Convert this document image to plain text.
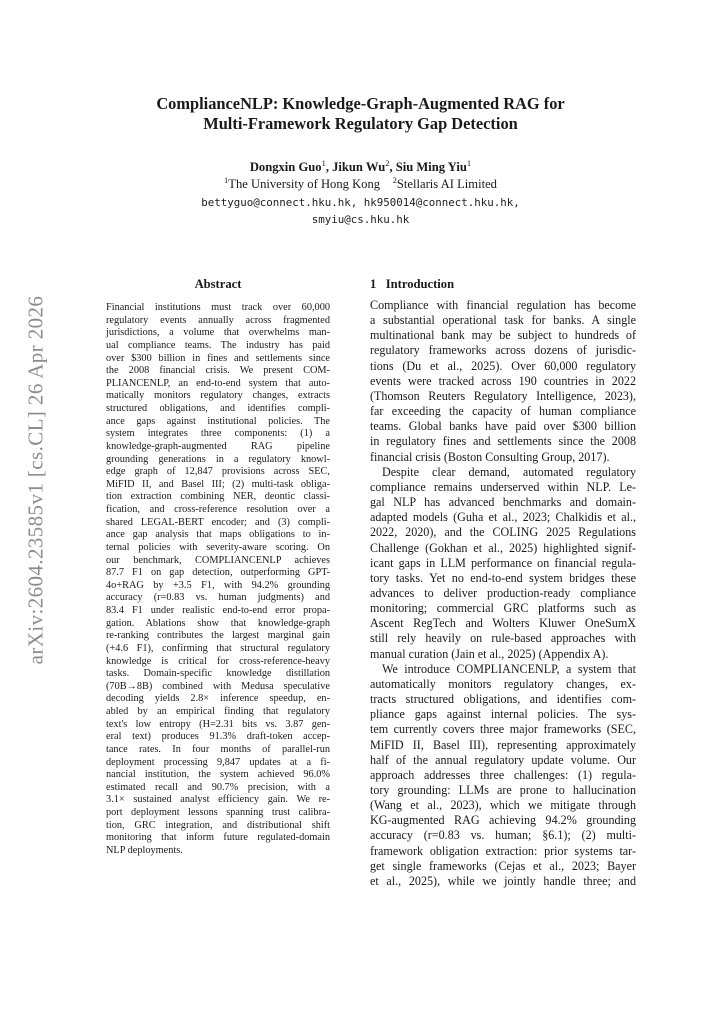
arXiv:2604.23585v1 [cs.CL] 26 Apr 2026
ComplianceNLP: Knowledge-Graph-Augmented RAG for
Multi-Framework Regulatory Gap Detection
Dongxin Guo$^1$, Jikun Wu$^2$, Siu Ming Yiu$^1$
$^1$The University of Hong Kong $^2$Stellaris AI Limited
bettyguo@connect.hku.hk, hk950014@connect.hku.hk,
smyiu@cs.hku.hk
Abstract
Financial institutions must track over 60,000
regulatory events annually across fragmented
jurisdictions, a volume that overwhelms man-
ual compliance teams. The industry has paid
over $300 billion in fines and settlements since
the 2008 financial crisis. We present COM-
PLIANCENLP, an end-to-end system that auto-
matically monitors regulatory changes, extracts
structured obligations, and identifies compli-
ance gaps against institutional policies. The
system integrates three components: (1) a
knowledge-graph-augmented RAG pipeline
grounding generations in a regulatory knowl-
edge graph of 12,847 provisions across SEC,
MiFID II, and Basel III; (2) multi-task obliga-
tion extraction combining NER, deontic classi-
fication, and cross-reference resolution over a
shared LEGAL-BERT encoder; and (3) compli-
ance gap analysis that maps obligations to in-
ternal policies with severity-aware scoring. On
our benchmark, COMPLIANCENLP achieves
87.7 F1 on gap detection, outperforming GPT-
4o+RAG by +3.5 F1, with 94.2% grounding
accuracy (r=0.83 vs. human judgments) and
83.4 F1 under realistic end-to-end error propa-
gation. Ablations show that knowledge-graph
re-ranking contributes the largest marginal gain
(+4.6 F1), confirming that structural regulatory
knowledge is critical for cross-reference-heavy
tasks. Domain-specific knowledge distillation
(70B→8B) combined with Medusa speculative
decoding yields 2.8× inference speedup, en-
abled by an empirical finding that regulatory
text's low entropy (H=2.31 bits vs. 3.87 gen-
eral text) produces 91.3% draft-token accep-
tance rates. In four months of parallel-run
deployment processing 9,847 updates at a fi-
nancial institution, the system achieved 96.0%
estimated recall and 90.7% precision, with a
3.1× sustained analyst efficiency gain. We re-
port deployment lessons spanning trust calibra-
tion, GRC integration, and distributional shift
monitoring that inform future regulated-domain
NLP deployments.
1 Introduction
Compliance with financial regulation has become
a substantial operational task for banks. A single
multinational bank may be subject to hundreds of
regulatory frameworks across dozens of jurisdic-
tions (Du et al., 2025). Over 60,000 regulatory
events were tracked across 190 countries in 2022
(Thomson Reuters Regulatory Intelligence, 2023),
far exceeding the capacity of human compliance
teams. Global banks have paid over $300 billion
in regulatory fines and settlements since the 2008
financial crisis (Boston Consulting Group, 2017).
Despite clear demand, automated regulatory
compliance remains underserved within NLP. Le-
gal NLP has advanced benchmarks and domain-
adapted models (Guha et al., 2023; Chalkidis et al.,
2022, 2020), and the COLING 2025 Regulations
Challenge (Gokhan et al., 2025) highlighted signif-
icant gaps in LLM performance on financial regula-
tory tasks. Yet no end-to-end system bridges these
advances to deliver production-ready compliance
monitoring; commercial GRC platforms such as
Ascent RegTech and Wolters Kluwer OneSumX
still rely heavily on rule-based approaches with
manual curation (Jain et al., 2025) (Appendix A).
We introduce COMPLIANCENLP, a system that
automatically monitors regulatory changes, ex-
tracts structured obligations, and identifies com-
pliance gaps against internal policies. The sys-
tem currently covers three major frameworks (SEC,
MiFID II, Basel III), representing approximately
half of the annual regulatory update volume. Our
approach addresses three challenges: (1) regula-
tory grounding: LLMs are prone to hallucination
(Wang et al., 2023), which we mitigate through
KG-augmented RAG achieving 94.2% grounding
accuracy (r=0.83 vs. human; §6.1); (2) multi-
framework obligation extraction: prior systems tar-
get single frameworks (Cejas et al., 2023; Bayer
et al., 2025), while we jointly handle three; and
